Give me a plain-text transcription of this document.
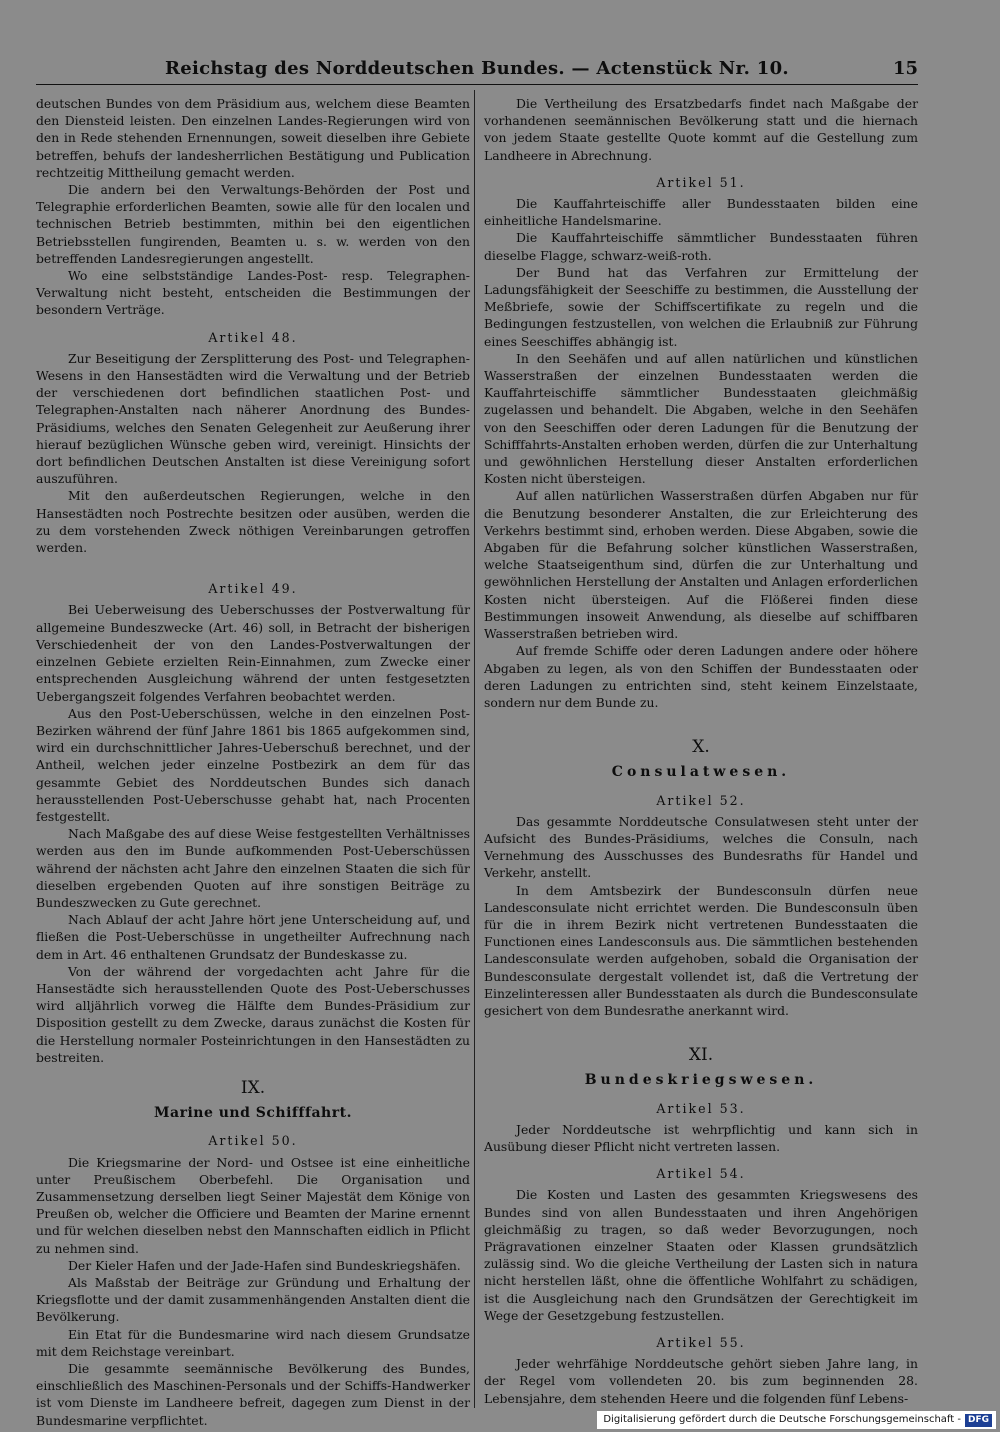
Reichstag des Norddeutschen Bundes. — Actenstück Nr. 10.	15

deutschen Bundes von dem Präsidium aus, welchem diese Beamten den Diensteid leisten. Den einzelnen Landes-Regierungen wird von den in Rede stehenden Ernennungen, soweit dieselben ihre Gebiete betreffen, behufs der landesherrlichen Bestätigung und Publication rechtzeitig Mittheilung gemacht werden.

Die andern bei den Verwaltungs-Behörden der Post und Telegraphie erforderlichen Beamten, sowie alle für den localen und technischen Betrieb bestimmten, mithin bei den eigentlichen Betriebsstellen fungirenden, Beamten u. s. w. werden von den betreffenden Landesregierungen angestellt.

Wo eine selbstständige Landes-Post- resp. Telegraphen-Verwaltung nicht besteht, entscheiden die Bestimmungen der besondern Verträge.

Artikel 48.

Zur Beseitigung der Zersplitterung des Post- und Telegraphen-Wesens in den Hansestädten wird die Verwaltung und der Betrieb der verschiedenen dort befindlichen staatlichen Post- und Telegraphen-Anstalten nach näherer Anordnung des Bundes-Präsidiums, welches den Senaten Gelegenheit zur Aeußerung ihrer hierauf bezüglichen Wünsche geben wird, vereinigt. Hinsichts der dort befindlichen Deutschen Anstalten ist diese Vereinigung sofort auszuführen.

Mit den außerdeutschen Regierungen, welche in den Hansestädten noch Postrechte besitzen oder ausüben, werden die zu dem vorstehenden Zweck nöthigen Vereinbarungen getroffen werden.

Artikel 49.

Bei Ueberweisung des Ueberschusses der Postverwaltung für allgemeine Bundeszwecke (Art. 46) soll, in Betracht der bisherigen Verschiedenheit der von den Landes-Postverwaltungen der einzelnen Gebiete erzielten Rein-Einnahmen, zum Zwecke einer entsprechenden Ausgleichung während der unten festgesetzten Uebergangszeit folgendes Verfahren beobachtet werden.

Aus den Post-Ueberschüssen, welche in den einzelnen Post-Bezirken während der fünf Jahre 1861 bis 1865 aufgekommen sind, wird ein durchschnittlicher Jahres-Ueberschuß berechnet, und der Antheil, welchen jeder einzelne Postbezirk an dem für das gesammte Gebiet des Norddeutschen Bundes sich danach herausstellenden Post-Ueberschusse gehabt hat, nach Procenten festgestellt.

Nach Maßgabe des auf diese Weise festgestellten Verhältnisses werden aus den im Bunde aufkommenden Post-Ueberschüssen während der nächsten acht Jahre den einzelnen Staaten die sich für dieselben ergebenden Quoten auf ihre sonstigen Beiträge zu Bundeszwecken zu Gute gerechnet.

Nach Ablauf der acht Jahre hört jene Unterscheidung auf, und fließen die Post-Ueberschüsse in ungetheilter Aufrechnung nach dem in Art. 46 enthaltenen Grundsatz der Bundeskasse zu.

Von der während der vorgedachten acht Jahre für die Hansestädte sich herausstellenden Quote des Post-Ueberschusses wird alljährlich vorweg die Hälfte dem Bundes-Präsidium zur Disposition gestellt zu dem Zwecke, daraus zunächst die Kosten für die Herstellung normaler Posteinrichtungen in den Hansestädten zu bestreiten.

IX.
Marine und Schifffahrt.
Artikel 50.

Die Kriegsmarine der Nord- und Ostsee ist eine einheitliche unter Preußischem Oberbefehl. Die Organisation und Zusammensetzung derselben liegt Seiner Majestät dem Könige von Preußen ob, welcher die Officiere und Beamten der Marine ernennt und für welchen dieselben nebst den Mannschaften eidlich in Pflicht zu nehmen sind.

Der Kieler Hafen und der Jade-Hafen sind Bundeskriegshäfen.

Als Maßstab der Beiträge zur Gründung und Erhaltung der Kriegsflotte und der damit zusammenhängenden Anstalten dient die Bevölkerung.

Ein Etat für die Bundesmarine wird nach diesem Grundsatze mit dem Reichstage vereinbart.

Die gesammte seemännische Bevölkerung des Bundes, einschließlich des Maschinen-Personals und der Schiffs-Handwerker ist vom Dienste im Landheere befreit, dagegen zum Dienst in der Bundesmarine verpflichtet.

Die Vertheilung des Ersatzbedarfs findet nach Maßgabe der vorhandenen seemännischen Bevölkerung statt und die hiernach von jedem Staate gestellte Quote kommt auf die Gestellung zum Landheere in Abrechnung.

Artikel 51.

Die Kauffahrteischiffe aller Bundesstaaten bilden eine einheitliche Handelsmarine.

Die Kauffahrteischiffe sämmtlicher Bundesstaaten führen dieselbe Flagge, schwarz-weiß-roth.

Der Bund hat das Verfahren zur Ermittelung der Ladungsfähigkeit der Seeschiffe zu bestimmen, die Ausstellung der Meßbriefe, sowie der Schiffscertifikate zu regeln und die Bedingungen festzustellen, von welchen die Erlaubniß zur Führung eines Seeschiffes abhängig ist.

In den Seehäfen und auf allen natürlichen und künstlichen Wasserstraßen der einzelnen Bundesstaaten werden die Kauffahrteischiffe sämmtlicher Bundesstaaten gleichmäßig zugelassen und behandelt. Die Abgaben, welche in den Seehäfen von den Seeschiffen oder deren Ladungen für die Benutzung der Schifffahrts-Anstalten erhoben werden, dürfen die zur Unterhaltung und gewöhnlichen Herstellung dieser Anstalten erforderlichen Kosten nicht übersteigen.

Auf allen natürlichen Wasserstraßen dürfen Abgaben nur für die Benutzung besonderer Anstalten, die zur Erleichterung des Verkehrs bestimmt sind, erhoben werden. Diese Abgaben, sowie die Abgaben für die Befahrung solcher künstlichen Wasserstraßen, welche Staatseigenthum sind, dürfen die zur Unterhaltung und gewöhnlichen Herstellung der Anstalten und Anlagen erforderlichen Kosten nicht übersteigen. Auf die Flößerei finden diese Bestimmungen insoweit Anwendung, als dieselbe auf schiffbaren Wasserstraßen betrieben wird.

Auf fremde Schiffe oder deren Ladungen andere oder höhere Abgaben zu legen, als von den Schiffen der Bundesstaaten oder deren Ladungen zu entrichten sind, steht keinem Einzelstaate, sondern nur dem Bunde zu.

X.
Consulatwesen.
Artikel 52.

Das gesammte Norddeutsche Consulatwesen steht unter der Aufsicht des Bundes-Präsidiums, welches die Consuln, nach Vernehmung des Ausschusses des Bundesraths für Handel und Verkehr, anstellt.

In dem Amtsbezirk der Bundesconsuln dürfen neue Landesconsulate nicht errichtet werden. Die Bundesconsuln üben für die in ihrem Bezirk nicht vertretenen Bundesstaaten die Functionen eines Landesconsuls aus. Die sämmtlichen bestehenden Landesconsulate werden aufgehoben, sobald die Organisation der Bundesconsulate dergestalt vollendet ist, daß die Vertretung der Einzelinteressen aller Bundesstaaten als durch die Bundesconsulate gesichert von dem Bundesrathe anerkannt wird.

XI.
Bundeskriegswesen.
Artikel 53.

Jeder Norddeutsche ist wehrpflichtig und kann sich in Ausübung dieser Pflicht nicht vertreten lassen.

Artikel 54.

Die Kosten und Lasten des gesammten Kriegswesens des Bundes sind von allen Bundesstaaten und ihren Angehörigen gleichmäßig zu tragen, so daß weder Bevorzugungen, noch Prägravationen einzelner Staaten oder Klassen grundsätzlich zulässig sind. Wo die gleiche Vertheilung der Lasten sich in natura nicht herstellen läßt, ohne die öffentliche Wohlfahrt zu schädigen, ist die Ausgleichung nach den Grundsätzen der Gerechtigkeit im Wege der Gesetzgebung festzustellen.

Artikel 55.

Jeder wehrfähige Norddeutsche gehört sieben Jahre lang, in der Regel vom vollendeten 20. bis zum beginnenden 28. Lebensjahre, dem stehenden Heere und die folgenden fünf Lebens-

Digitalisierung gefördert durch die Deutsche Forschungsgemeinschaft - DFG
